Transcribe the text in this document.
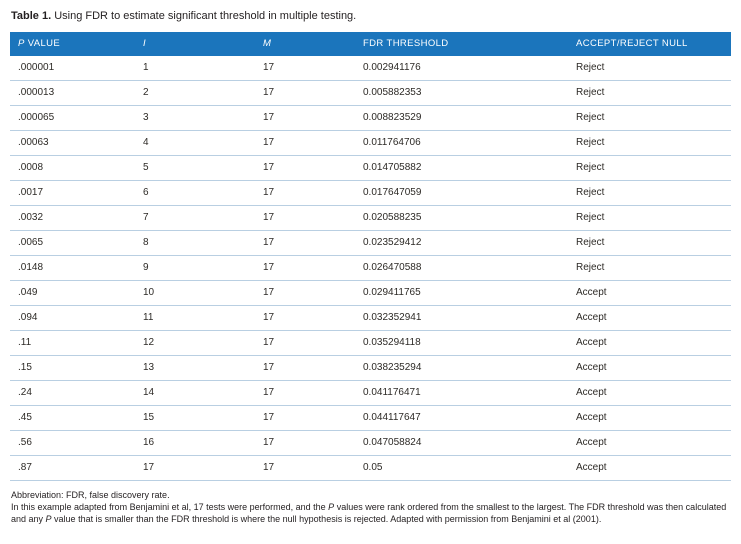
Table 1. Using FDR to estimate significant threshold in multiple testing.
P VALUE	I	M	FDR THRESHOLD	ACCEPT/REJECT NULL
.000001	1	17	0.002941176	Reject
.000013	2	17	0.005882353	Reject
.000065	3	17	0.008823529	Reject
.00063	4	17	0.011764706	Reject
.0008	5	17	0.014705882	Reject
.0017	6	17	0.017647059	Reject
.0032	7	17	0.020588235	Reject
.0065	8	17	0.023529412	Reject
.0148	9	17	0.026470588	Reject
.049	10	17	0.029411765	Accept
.094	11	17	0.032352941	Accept
.11	12	17	0.035294118	Accept
.15	13	17	0.038235294	Accept
.24	14	17	0.041176471	Accept
.45	15	17	0.044117647	Accept
.56	16	17	0.047058824	Accept
.87	17	17	0.05	Accept
Abbreviation: FDR, false discovery rate.
In this example adapted from Benjamini et al, 17 tests were performed, and the P values were rank ordered from the smallest to the largest. The FDR threshold was then calculated and any P value that is smaller than the FDR threshold is where the null hypothesis is rejected. Adapted with permission from Benjamini et al (2001).
